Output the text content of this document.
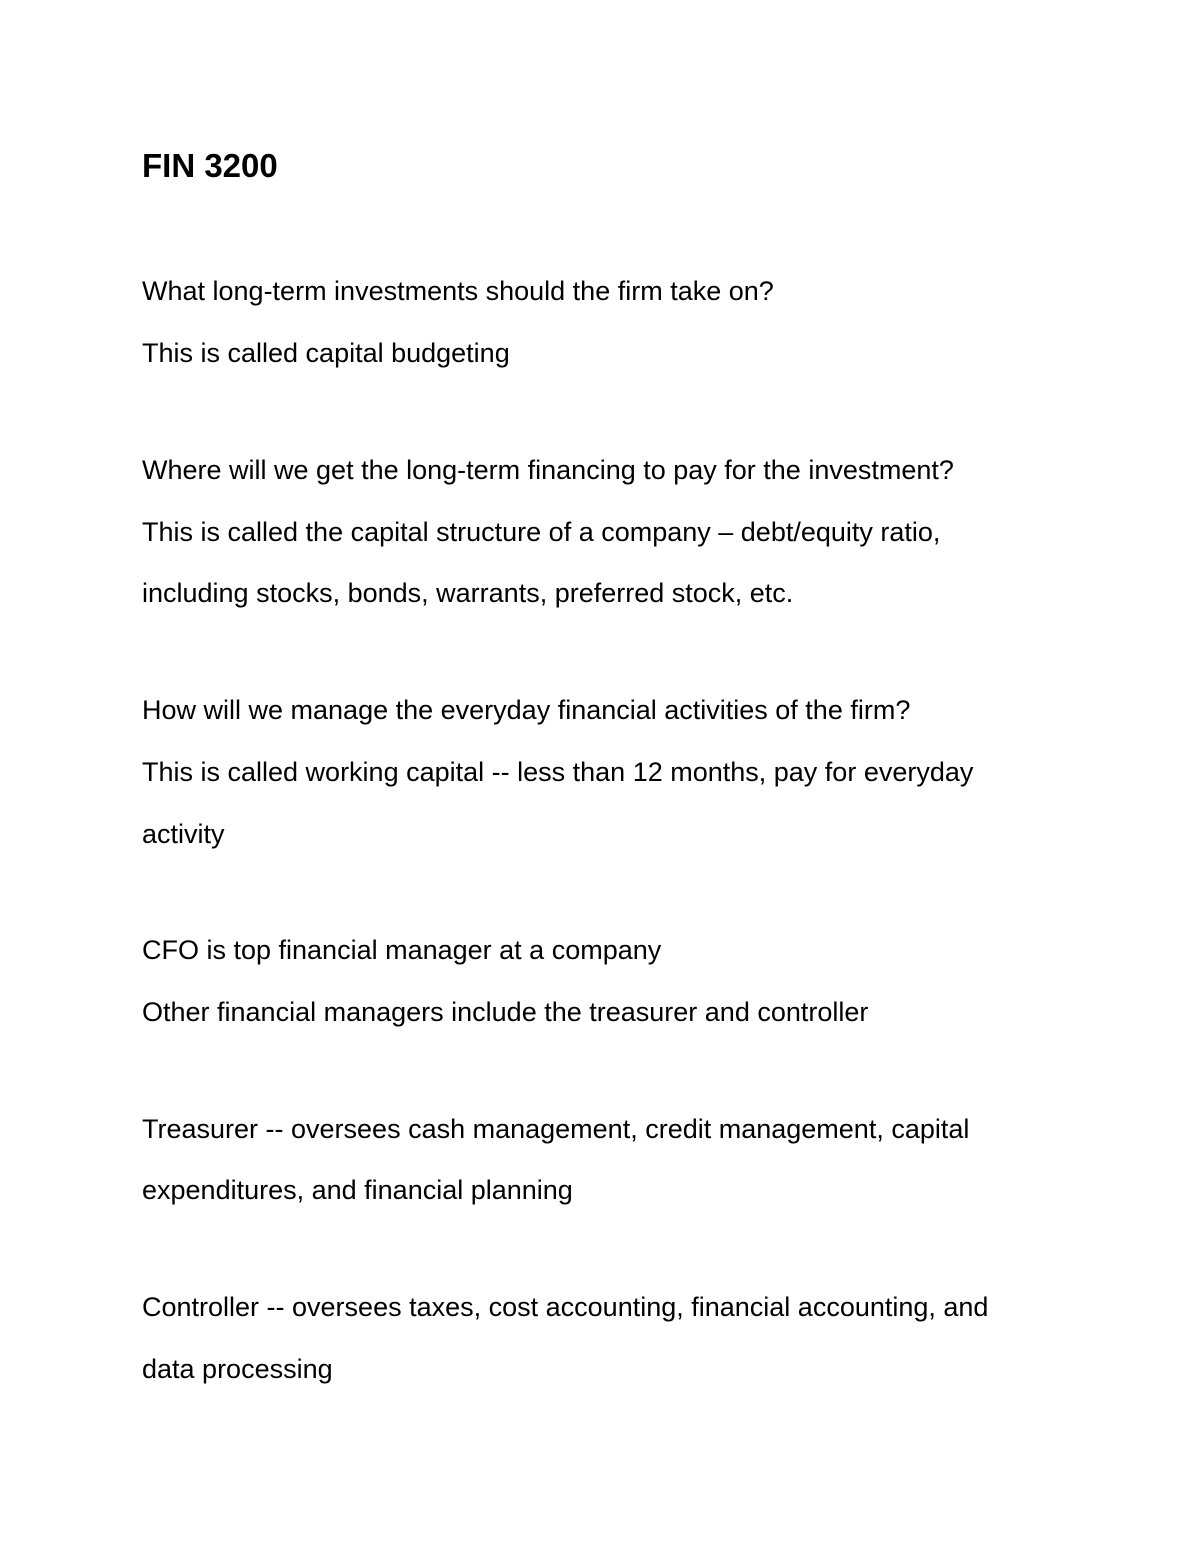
FIN 3200
What long-term investments should the firm take on?
This is called capital budgeting
Where will we get the long-term financing to pay for the investment?
This is called the capital structure of a company – debt/equity ratio,
including stocks, bonds, warrants, preferred stock, etc.
How will we manage the everyday financial activities of the firm?
This is called working capital -- less than 12 months, pay for everyday
activity
CFO is top financial manager at a company
Other financial managers include the treasurer and controller
Treasurer -- oversees cash management, credit management, capital
expenditures, and financial planning
Controller -- oversees taxes, cost accounting, financial accounting, and
data processing
